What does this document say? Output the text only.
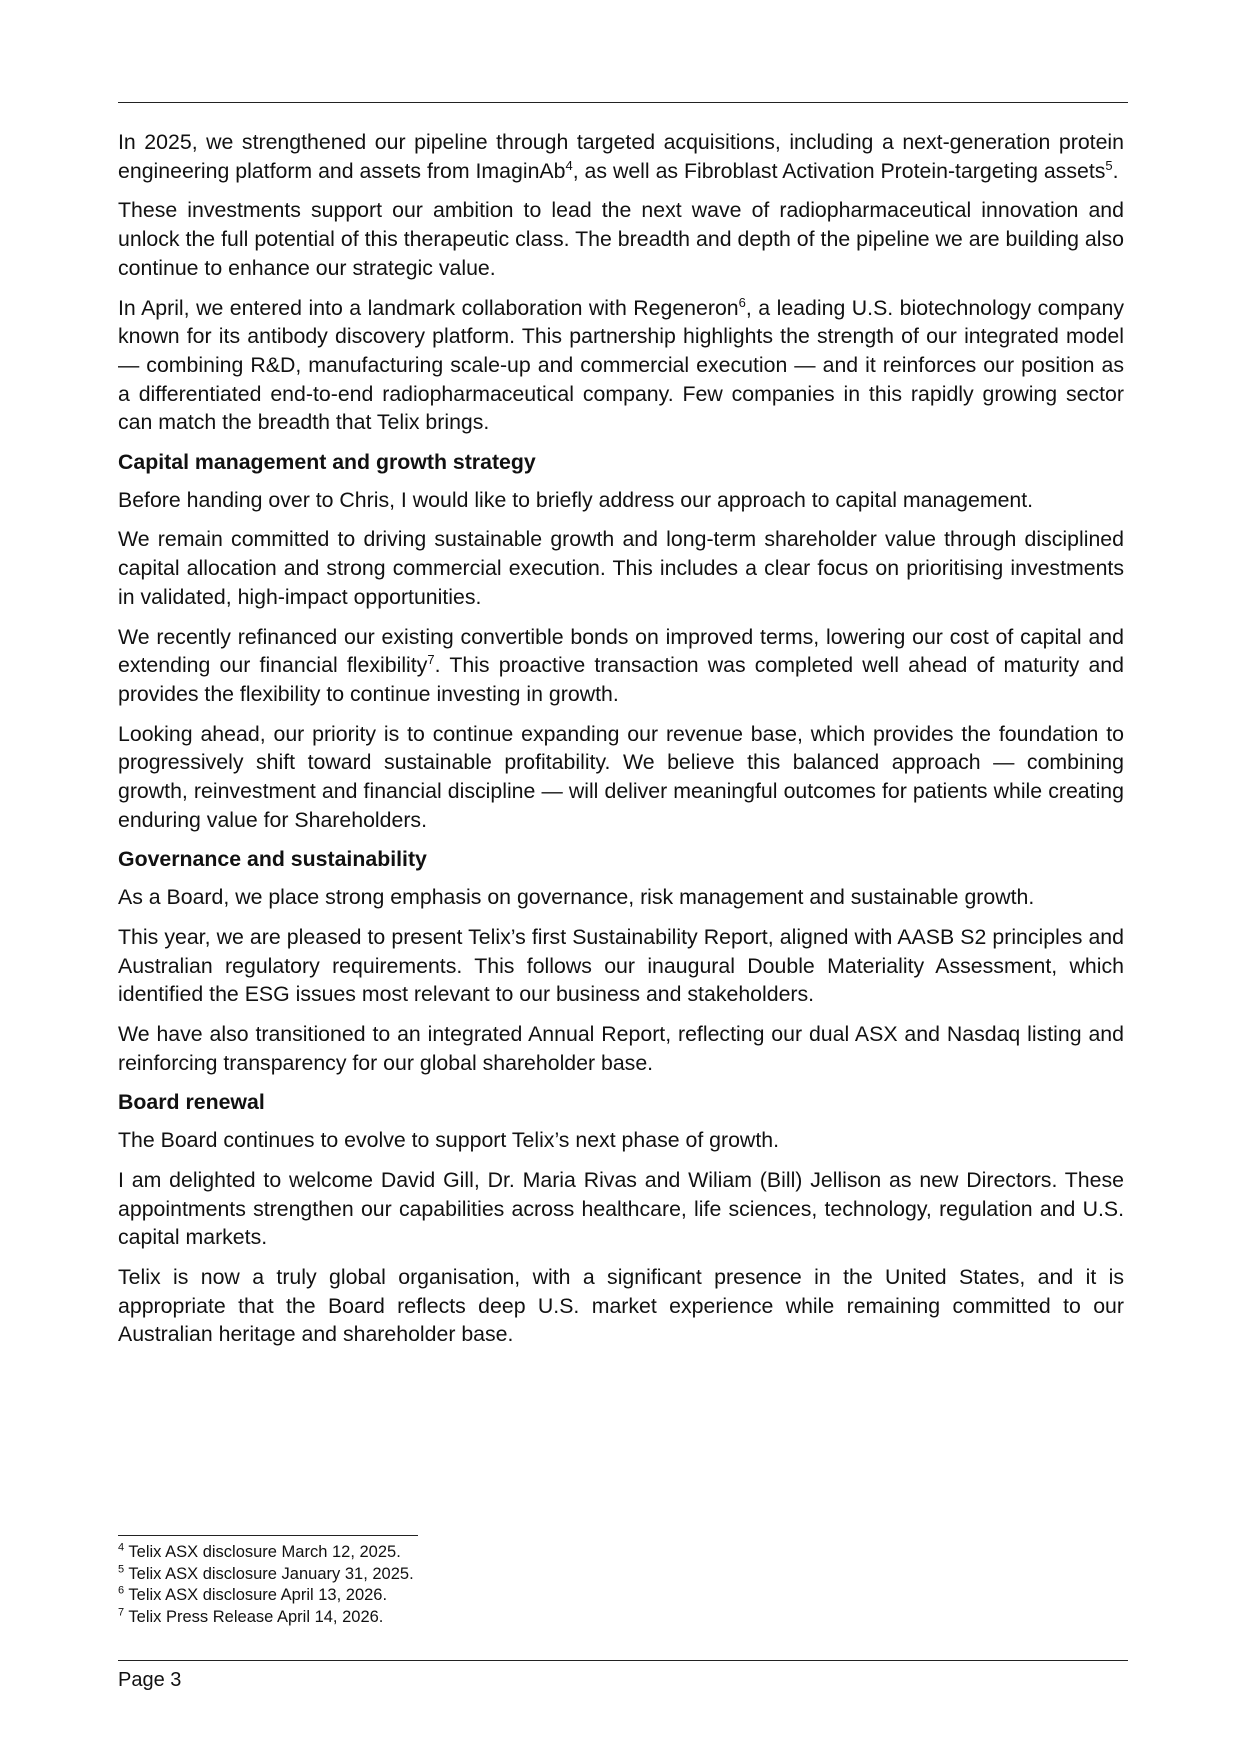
In 2025, we strengthened our pipeline through targeted acquisitions, including a next-generation protein engineering platform and assets from ImaginAb$^4$, as well as Fibroblast Activation Protein-targeting assets$^5$.

These investments support our ambition to lead the next wave of radiopharmaceutical innovation and unlock the full potential of this therapeutic class. The breadth and depth of the pipeline we are building also continue to enhance our strategic value.

In April, we entered into a landmark collaboration with Regeneron$^6$, a leading U.S. biotechnology company known for its antibody discovery platform. This partnership highlights the strength of our integrated model — combining R&D, manufacturing scale-up and commercial execution — and it reinforces our position as a differentiated end-to-end radiopharmaceutical company. Few companies in this rapidly growing sector can match the breadth that Telix brings.

Capital management and growth strategy

Before handing over to Chris, I would like to briefly address our approach to capital management.

We remain committed to driving sustainable growth and long-term shareholder value through disciplined capital allocation and strong commercial execution. This includes a clear focus on prioritising investments in validated, high-impact opportunities.

We recently refinanced our existing convertible bonds on improved terms, lowering our cost of capital and extending our financial flexibility$^7$. This proactive transaction was completed well ahead of maturity and provides the flexibility to continue investing in growth.

Looking ahead, our priority is to continue expanding our revenue base, which provides the foundation to progressively shift toward sustainable profitability. We believe this balanced approach — combining growth, reinvestment and financial discipline — will deliver meaningful outcomes for patients while creating enduring value for Shareholders.

Governance and sustainability

As a Board, we place strong emphasis on governance, risk management and sustainable growth.

This year, we are pleased to present Telix’s first Sustainability Report, aligned with AASB S2 principles and Australian regulatory requirements. This follows our inaugural Double Materiality Assessment, which identified the ESG issues most relevant to our business and stakeholders.

We have also transitioned to an integrated Annual Report, reflecting our dual ASX and Nasdaq listing and reinforcing transparency for our global shareholder base.

Board renewal

The Board continues to evolve to support Telix’s next phase of growth.

I am delighted to welcome David Gill, Dr. Maria Rivas and Wiliam (Bill) Jellison as new Directors. These appointments strengthen our capabilities across healthcare, life sciences, technology, regulation and U.S. capital markets.

Telix is now a truly global organisation, with a significant presence in the United States, and it is appropriate that the Board reflects deep U.S. market experience while remaining committed to our Australian heritage and shareholder base.

$^4$ Telix ASX disclosure March 12, 2025.
$^5$ Telix ASX disclosure January 31, 2025.
$^6$ Telix ASX disclosure April 13, 2026.
$^7$ Telix Press Release April 14, 2026.
Page 3
